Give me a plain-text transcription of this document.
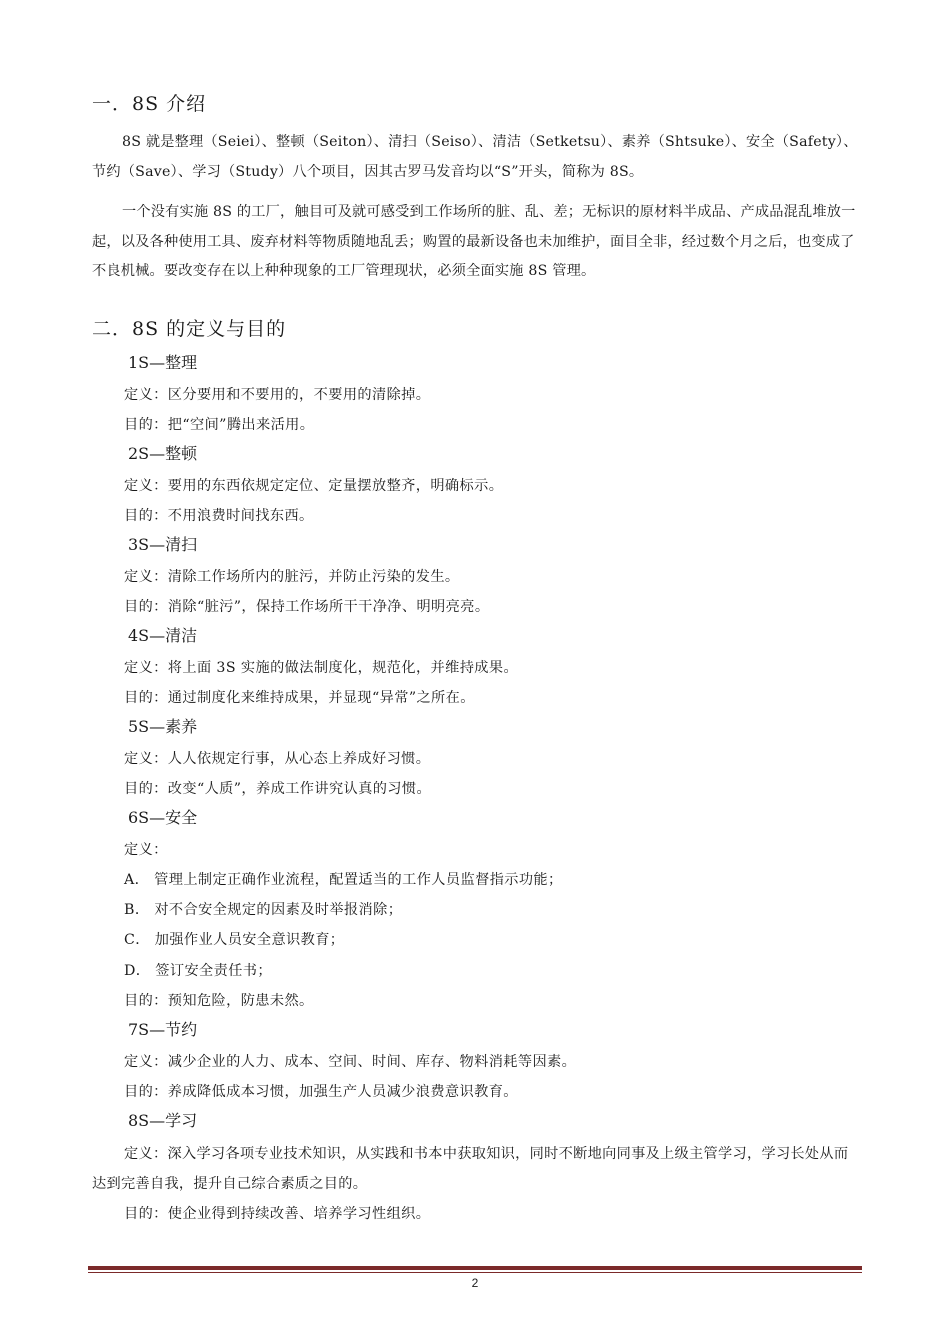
一．8S 介绍

8S 就是整理（Seiei）、整顿（Seiton）、清扫（Seiso）、清洁（Setketsu）、素养（Shtsuke）、安全（Safety）、节约（Save）、学习（Study）八个项目，因其古罗马发音均以“S”开头，简称为 8S。

一个没有实施 8S 的工厂，触目可及就可感受到工作场所的脏、乱、差；无标识的原材料半成品、产成品混乱堆放一起，以及各种使用工具、废弃材料等物质随地乱丢；购置的最新设备也未加维护，面目全非，经过数个月之后，也变成了不良机械。要改变存在以上种种现象的工厂管理现状，必须全面实施 8S 管理。

二．8S 的定义与目的
1S—整理
定义：区分要用和不要用的，不要用的清除掉。
目的：把“空间”腾出来活用。
2S—整顿
定义：要用的东西依规定定位、定量摆放整齐，明确标示。
目的：不用浪费时间找东西。
3S—清扫
定义：清除工作场所内的脏污，并防止污染的发生。
目的：消除“脏污”，保持工作场所干干净净、明明亮亮。
4S—清洁
定义：将上面 3S 实施的做法制度化，规范化，并维持成果。
目的：通过制度化来维持成果，并显现“异常”之所在。
5S—素养
定义：人人依规定行事，从心态上养成好习惯。
目的：改变“人质”，养成工作讲究认真的习惯。
6S—安全
定义：
A． 管理上制定正确作业流程，配置适当的工作人员监督指示功能；
B． 对不合安全规定的因素及时举报消除；
C． 加强作业人员安全意识教育；
D． 签订安全责任书；
目的：预知危险，防患未然。
7S—节约
定义：减少企业的人力、成本、空间、时间、库存、物料消耗等因素。
目的：养成降低成本习惯，加强生产人员减少浪费意识教育。
8S—学习

定义：深入学习各项专业技术知识，从实践和书本中获取知识，同时不断地向同事及上级主管学习，学习长处从而达到完善自我，提升自己综合素质之目的。

目的：使企业得到持续改善、培养学习性组织。
2
